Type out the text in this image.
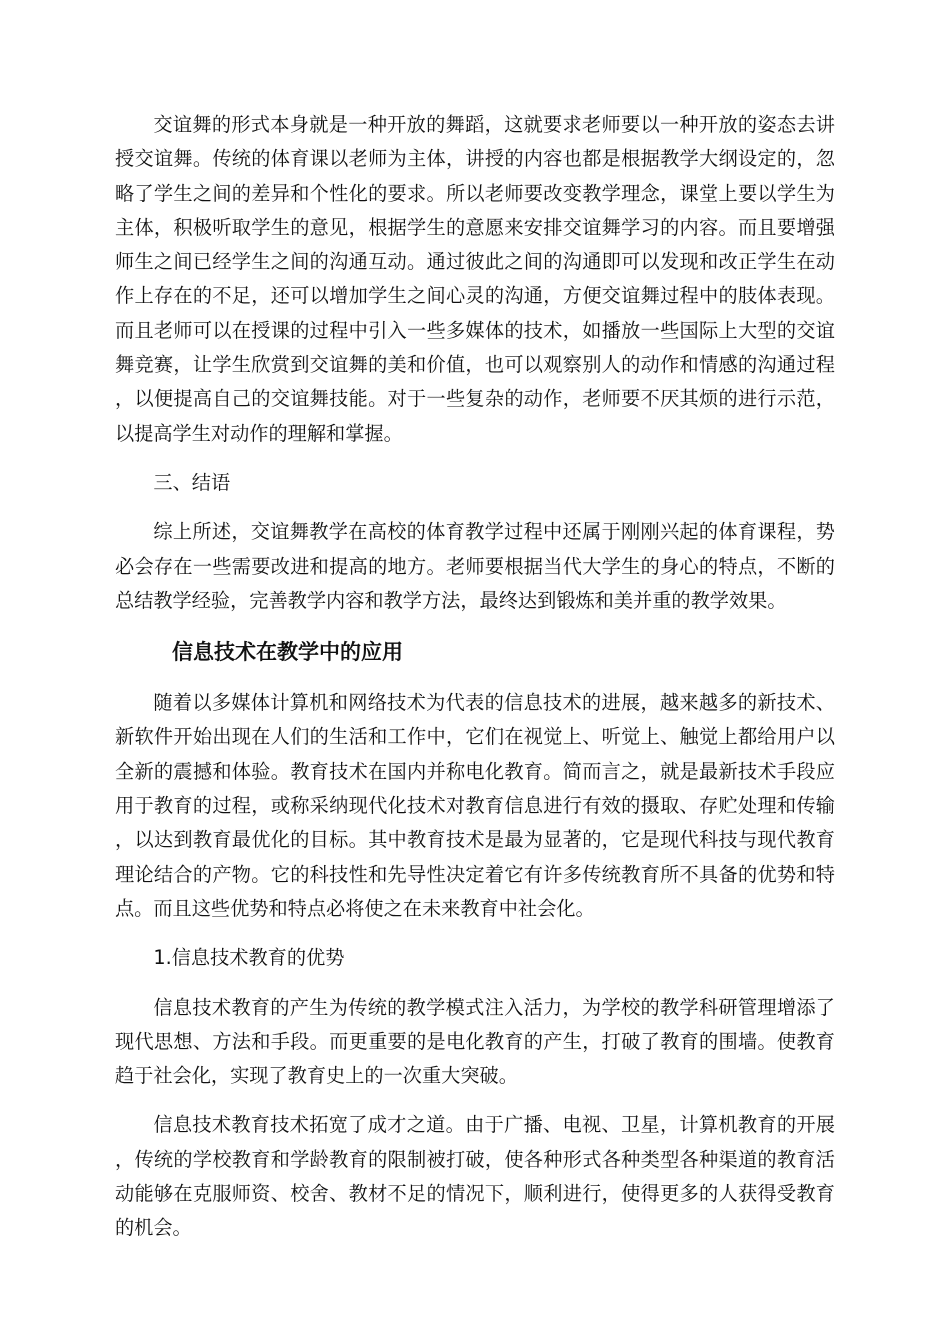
交谊舞的形式本身就是一种开放的舞蹈，这就要求老师要以一种开放的姿态去讲授交谊舞。传统的体育课以老师为主体，讲授的内容也都是根据教学大纲设定的，忽略了学生之间的差异和个性化的要求。所以老师要改变教学理念，课堂上要以学生为主体，积极听取学生的意见，根据学生的意愿来安排交谊舞学习的内容。而且要增强师生之间已经学生之间的沟通互动。通过彼此之间的沟通即可以发现和改正学生在动作上存在的不足，还可以增加学生之间心灵的沟通，方便交谊舞过程中的肢体表现。而且老师可以在授课的过程中引入一些多媒体的技术，如播放一些国际上大型的交谊舞竞赛，让学生欣赏到交谊舞的美和价值，也可以观察别人的动作和情感的沟通过程，以便提高自己的交谊舞技能。对于一些复杂的动作，老师要不厌其烦的进行示范，以提高学生对动作的理解和掌握。

三、结语

综上所述，交谊舞教学在高校的体育教学过程中还属于刚刚兴起的体育课程，势必会存在一些需要改进和提高的地方。老师要根据当代大学生的身心的特点，不断的总结教学经验，完善教学内容和教学方法，最终达到锻炼和美并重的教学效果。

信息技术在教学中的应用

随着以多媒体计算机和网络技术为代表的信息技术的进展，越来越多的新技术、新软件开始出现在人们的生活和工作中，它们在视觉上、听觉上、触觉上都给用户以全新的震撼和体验。教育技术在国内并称电化教育。简而言之，就是最新技术手段应用于教育的过程，或称采纳现代化技术对教育信息进行有效的摄取、存贮处理和传输，以达到教育最优化的目标。其中教育技术是最为显著的，它是现代科技与现代教育理论结合的产物。它的科技性和先导性决定着它有许多传统教育所不具备的优势和特点。而且这些优势和特点必将使之在未来教育中社会化。

1.信息技术教育的优势

信息技术教育的产生为传统的教学模式注入活力，为学校的教学科研管理增添了现代思想、方法和手段。而更重要的是电化教育的产生，打破了教育的围墙。使教育趋于社会化，实现了教育史上的一次重大突破。

信息技术教育技术拓宽了成才之道。由于广播、电视、卫星，计算机教育的开展，传统的学校教育和学龄教育的限制被打破，使各种形式各种类型各种渠道的教育活动能够在克服师资、校舍、教材不足的情况下，顺利进行，使得更多的人获得受教育的机会。
